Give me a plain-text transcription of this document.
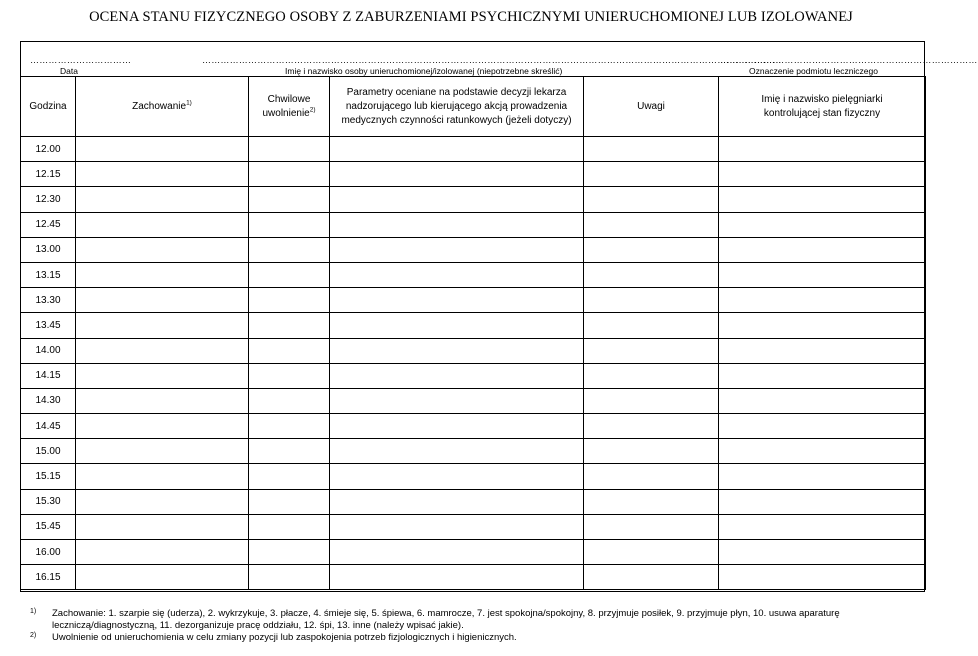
OCENA STANU FIZYCZNEGO OSOBY Z ZABURZENIAMI PSYCHICZNYMI UNIERUCHOMIONEJ LUB IZOLOWANEJ
……………………………	………………………………………………………………………………………………………………………………………………………………………
…………………………………………………………………………
Data	Imię i nazwisko osoby unieruchomionej/izolowanej (niepotrzebne skreślić)	Oznaczenie podmiotu leczniczego
Godzina	Zachowanie$^{1)}$	Chwilowe uwolnienie$^{2)}$	Parametry oceniane na podstawie decyzji lekarza nadzorującego lub kierującego akcją prowadzenia medycznych czynności ratunkowych (jeżeli dotyczy)	Uwagi	Imię i nazwisko pielęgniarki kontrolującej stan fizyczny
12.00					
12.15					
12.30					
12.45					
13.00					
13.15					
13.30					
13.45					
14.00					
14.15					
14.30					
14.45					
15.00					
15.15					
15.30					
15.45					
16.00					
16.15					
1) Zachowanie: 1. szarpie się (uderza), 2. wykrzykuje, 3. płacze, 4. śmieje się, 5. śpiewa, 6. mamrocze, 7. jest spokojna/spokojny, 8. przyjmuje posiłek, 9. przyjmuje płyn, 10. usuwa aparaturę leczniczą/diagnostyczną, 11. dezorganizuje pracę oddziału, 12. śpi, 13. inne (należy wpisać jakie).
2) Uwolnienie od unieruchomienia w celu zmiany pozycji lub zaspokojenia potrzeb fizjologicznych i higienicznych.
